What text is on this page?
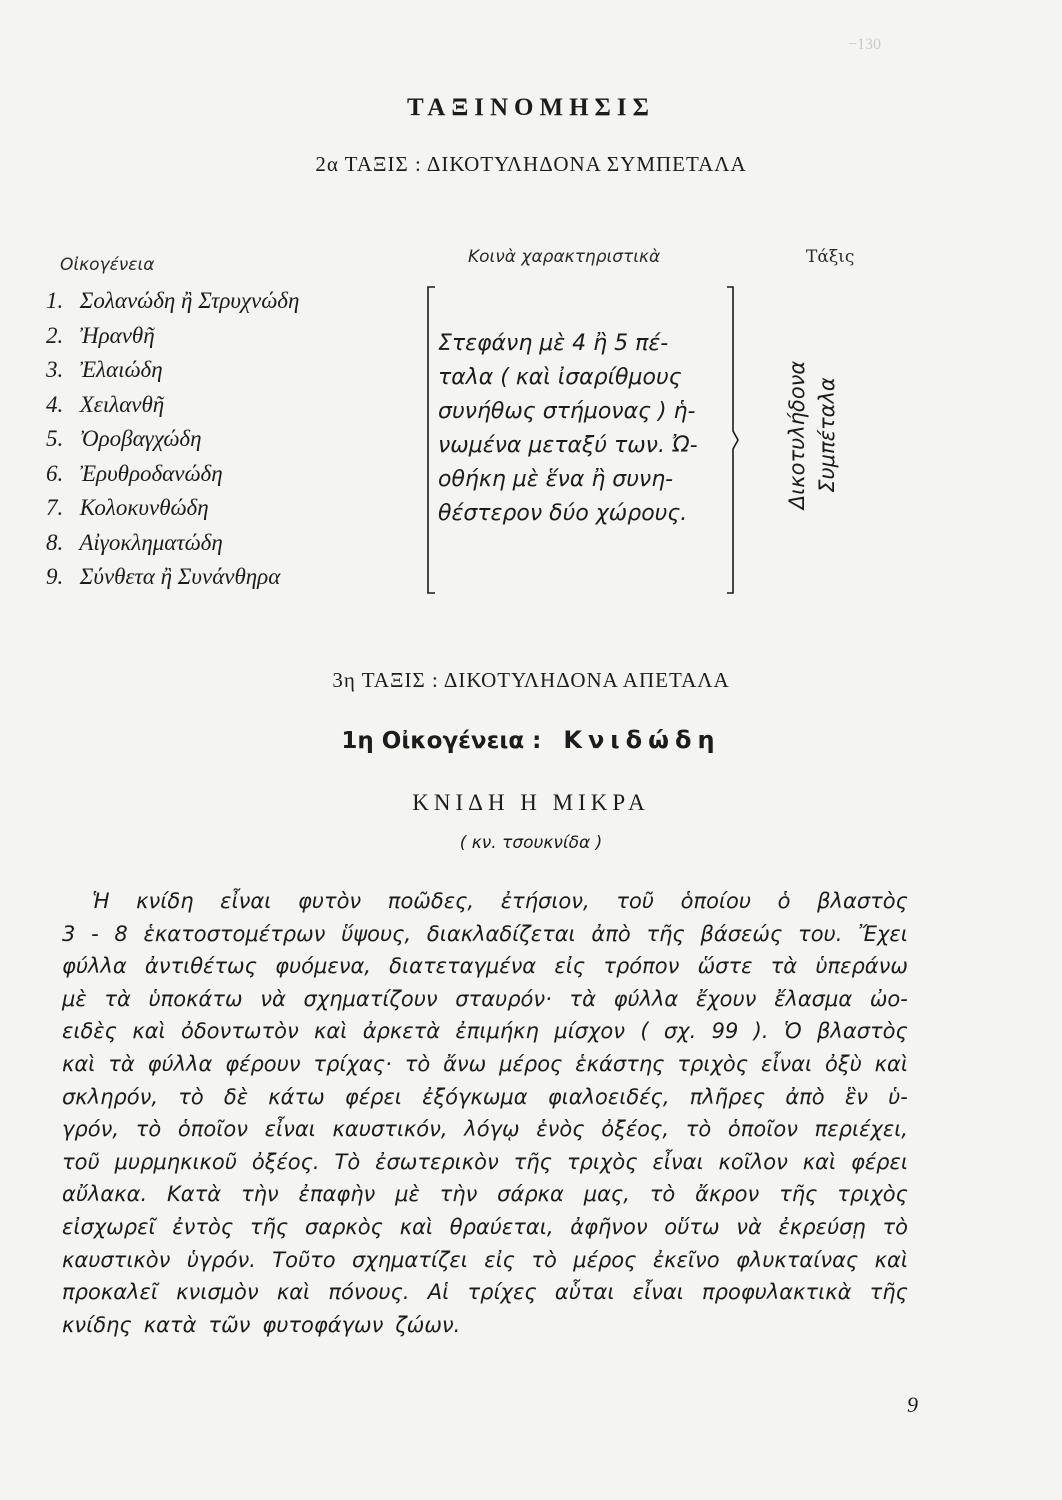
−130
ΤΑΞΙΝΟΜΗΣΙΣ
2α ΤΑΞΙΣ : ΔΙΚΟΤΥΛΗΔΟΝΑ ΣΥΜΠΕΤΑΛΑ
Οἰκογένεια	Κοινὰ χαρακτηριστικὰ	Τάξις
1. Σολανώδη ἢ Στρυχνώδη
2. Ἠρανθῆ
3. Ἐλαιώδη
4. Χειλανθῆ
5. Ὀροβαγχώδη
6. Ἐρυθροδανώδη
7. Κολοκυνθώδη
8. Αἰγοκληματώδη
9. Σύνθετα ἢ Συνάνθηρα
Στεφάνη μὲ 4 ἢ 5 πέ-
ταλα ( καὶ ἰσαρίθμους
συνήθως στήμονας ) ἡ-
νωμένα μεταξύ των. Ὠ-
οθήκη μὲ ἕνα ἢ συνη-
θέστερον δύο χώρους.
Δικοτυλήδονα Συμπέταλα
3η ΤΑΞΙΣ : ΔΙΚΟΤΥΛΗΔΟΝΑ ΑΠΕΤΑΛΑ
1η Οἰκογένεια : Κνιδώδη
ΚΝΙΔΗ Η ΜΙΚΡΑ
( κν. τσουκνίδα )
Ἡ κνίδη εἶναι φυτὸν ποῶδες, ἐτήσιον, τοῦ ὁποίου ὁ βλαστὸς
3 - 8 ἑκατοστομέτρων ὕψους, διακλαδίζεται ἀπὸ τῆς βάσεώς του. Ἔχει
φύλλα ἀντιθέτως φυόμενα, διατεταγμένα εἰς τρόπον ὥστε τὰ ὑπεράνω
μὲ τὰ ὑποκάτω νὰ σχηματίζουν σταυρόν· τὰ φύλλα ἔχουν ἔλασμα ὠο-
ειδὲς καὶ ὀδοντωτὸν καὶ ἀρκετὰ ἐπιμήκη μίσχον ( σχ. 99 ). Ὁ βλαστὸς
καὶ τὰ φύλλα φέρουν τρίχας· τὸ ἄνω μέρος ἑκάστης τριχὸς εἶναι ὀξὺ καὶ
σκληρόν, τὸ δὲ κάτω φέρει ἐξόγκωμα φιαλοειδές, πλῆρες ἀπὸ ἓν ὑ-
γρόν, τὸ ὁποῖον εἶναι καυστικόν, λόγῳ ἑνὸς ὀξέος, τὸ ὁποῖον περιέχει,
τοῦ μυρμηκικοῦ ὀξέος. Τὸ ἐσωτερικὸν τῆς τριχὸς εἶναι κοῖλον καὶ φέρει
αὔλακα. Κατὰ τὴν ἐπαφὴν μὲ τὴν σάρκα μας, τὸ ἄκρον τῆς τριχὸς
εἰσχωρεῖ ἐντὸς τῆς σαρκὸς καὶ θραύεται, ἀφῆνον οὕτω νὰ ἐκρεύσῃ τὸ
καυστικὸν ὑγρόν. Τοῦτο σχηματίζει εἰς τὸ μέρος ἐκεῖνο φλυκταίνας καὶ
προκαλεῖ κνισμὸν καὶ πόνους. Αἱ τρίχες αὗται εἶναι προφυλακτικὰ τῆς
κνίδης κατὰ τῶν φυτοφάγων ζώων.
9
